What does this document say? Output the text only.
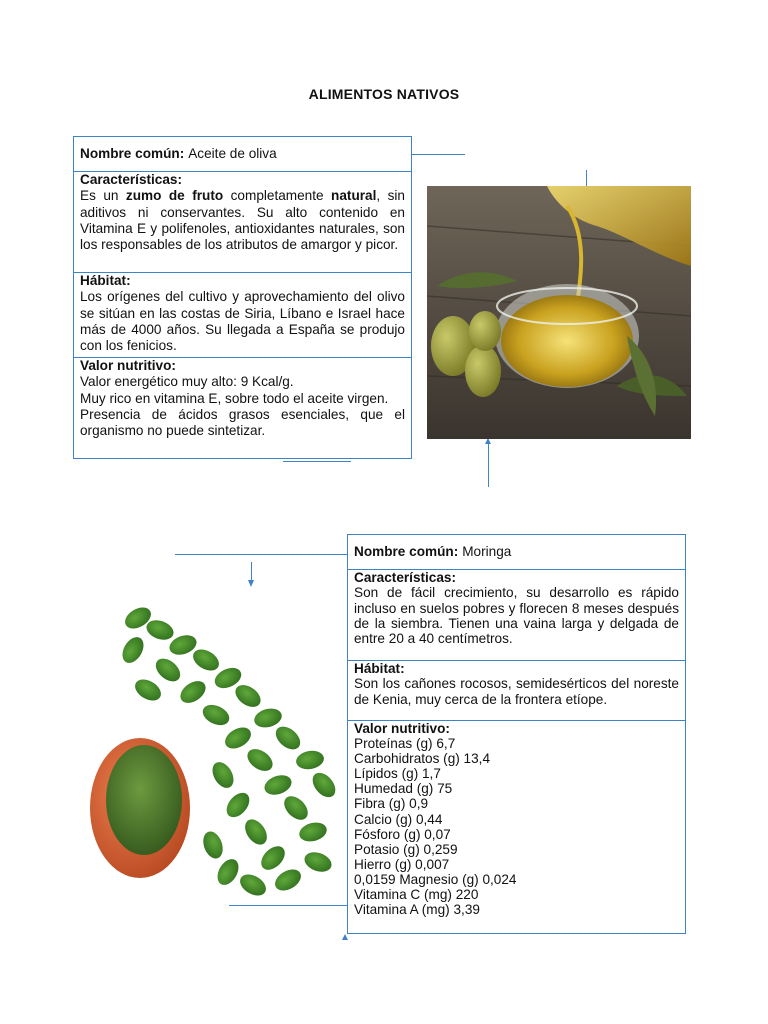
ALIMENTOS NATIVOS
Nombre común: Aceite de oliva
Características:

Es un zumo de fruto completamente natural, sin aditivos ni conservantes. Su alto contenido en Vitamina E y polifenoles, antioxidantes naturales, son los responsables de los atributos de amargor y picor.

Hábitat:

Los orígenes del cultivo y aprovechamiento del olivo se sitúan en las costas de Siria, Líbano e Israel hace más de 4000 años. Su llegada a España se produjo con los fenicios.

Valor nutritivo:

Valor energético muy alto: 9 Kcal/g.

Muy rico en vitamina E, sobre todo el aceite virgen.

Presencia de ácidos grasos esenciales, que el organismo no puede sintetizar.

Nombre común: Moringa
Características:

Son de fácil crecimiento, su desarrollo es rápido incluso en suelos pobres y florecen 8 meses después de la siembra. Tienen una vaina larga y delgada de entre 20 a 40 centímetros.

Hábitat:

Son los cañones rocosos, semidesérticos del noreste de Kenia, muy cerca de la frontera etíope.

Valor nutritivo:

Proteínas (g) 6,7

Carbohidratos (g) 13,4

Lípidos (g) 1,7

Humedad (g) 75

Fibra (g) 0,9

Calcio (g) 0,44

Fósforo (g) 0,07

Potasio (g) 0,259

Hierro (g) 0,007

0,0159 Magnesio (g) 0,024

Vitamina C (mg) 220

Vitamina A (mg) 3,39
